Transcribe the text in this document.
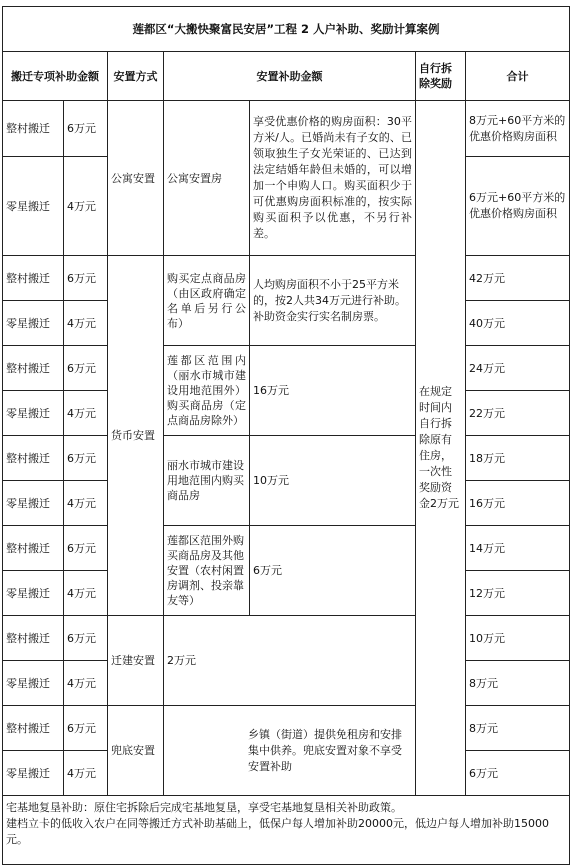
莲都区“大搬快聚富民安居”工程 2 人户补助、奖励计算案例						
搬迁专项补助金额		安置方式	安置补助金额		自行拆除奖励	合计
整村搬迁	6万元	公寓安置	公寓安置房	享受优惠价格的购房面积：30平方米/人。已婚尚未有子女的、已领取独生子女光荣证的、已达到法定结婚年龄但未婚的，可以增加一个申购人口。购买面积少于可优惠购房面积标准的，按实际购买面积予以优惠，不另行补差。	在规定时间内自行拆除原有住房，一次性奖励资金2万元	8万元+60平方米的优惠价格购房面积
零星搬迁	4万元					6万元+60平方米的优惠价格购房面积
整村搬迁	6万元	货币安置	购买定点商品房（由区政府确定名单后另行公布）	人均购房面积不小于25平方米的，按2人共34万元进行补助。补助资金实行实名制房票。		42万元
零星搬迁	4万元					40万元
整村搬迁	6万元		莲都区范围内（丽水市城市建设用地范围外）购买商品房（定点商品房除外）	16万元		24万元
零星搬迁	4万元					22万元
整村搬迁	6万元		丽水市城市建设用地范围内购买商品房	10万元		18万元
零星搬迁	4万元					16万元
整村搬迁	6万元		莲都区范围外购买商品房及其他安置（农村闲置房调剂、投亲靠友等）	6万元		14万元
零星搬迁	4万元					12万元
整村搬迁	6万元	迁建安置	2万元			10万元
零星搬迁	4万元					8万元
整村搬迁	6万元	兜底安置	乡镇（街道）提供免租房和安排集中供养。兜底安置对象不享受安置补助			8万元
零星搬迁	4万元					6万元

宅基地复垦补助：原住宅拆除后完成宅基地复垦，享受宅基地复垦相关补助政策。
建档立卡的低收入农户在同等搬迁方式补助基础上，低保户每人增加补助20000元，低边户每人增加补助15000元。						
